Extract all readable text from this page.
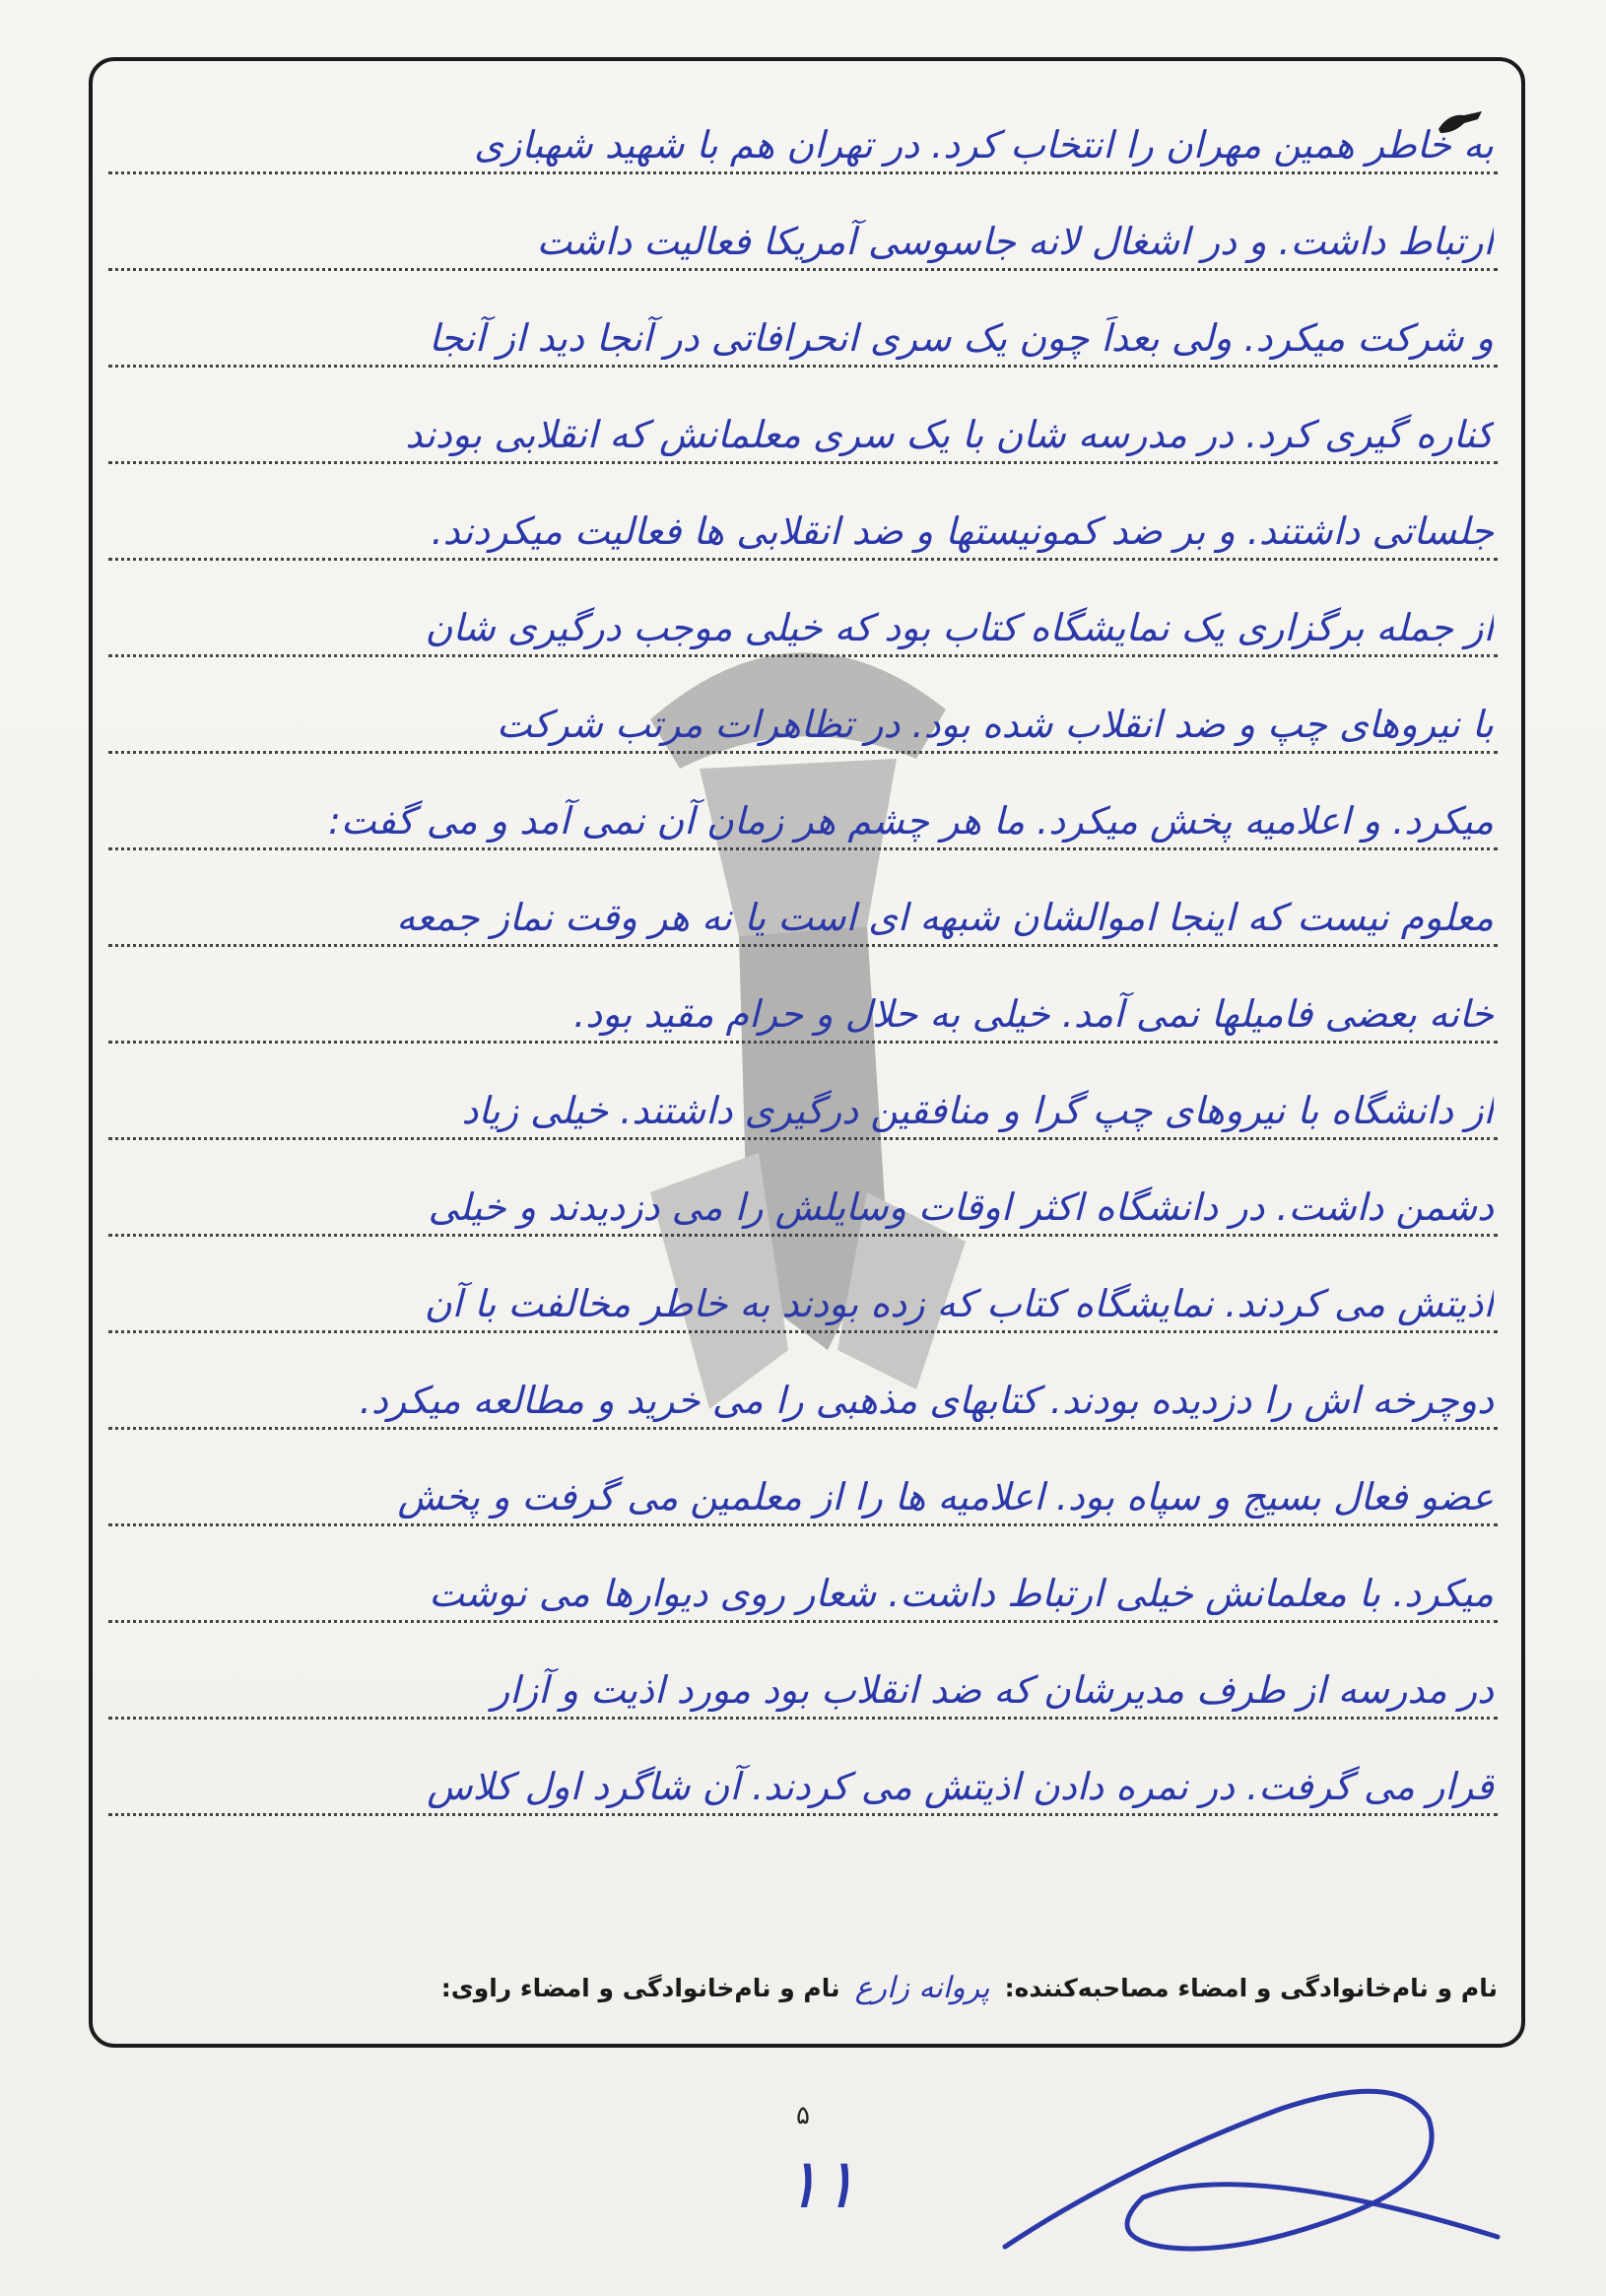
به خاطر همین مهران را انتخاب کرد. در تهران هم با شهید شهبازی
ارتباط داشت. و در اشغال لانه جاسوسی آمریکا فعالیت داشت
و شرکت میکرد. ولی بعداً چون یک سری انحرافاتی در آنجا دید از آنجا
کناره گیری کرد. در مدرسه شان با یک سری معلمانش که انقلابی بودند
جلساتی داشتند. و بر ضد کمونیستها و ضد انقلابی ها فعالیت میکردند.
از جمله برگزاری یک نمایشگاه کتاب بود که خیلی موجب درگیری شان
با نیروهای چپ و ضد انقلاب شده بود. در تظاهرات مرتب شرکت
میکرد. و اعلامیه پخش میکرد. ما هر چشم هر زمان آن نمی آمد و می گفت:
معلوم نیست که اینجا اموالشان شبهه ای است یا نه هر وقت نماز جمعه
خانه بعضی فامیلها نمی آمد. خیلی به حلال و حرام مقید بود.
از دانشگاه با نیروهای چپ گرا و منافقین درگیری داشتند. خیلی زیاد
دشمن داشت. در دانشگاه اکثر اوقات وسایلش را می دزدیدند و خیلی
اذیتش می کردند. نمایشگاه کتاب که زده بودند به خاطر مخالفت با آن
دوچرخه اش را دزدیده بودند. کتابهای مذهبی را می خرید و مطالعه میکرد.
عضو فعال بسیج و سپاه بود. اعلامیه ها را از معلمین می گرفت و پخش
میکرد. با معلمانش خیلی ارتباط داشت. شعار روی دیوارها می نوشت
در مدرسه از طرف مدیرشان که ضد انقلاب بود مورد اذیت و آزار
قرار می گرفت. در نمره دادن اذیتش می کردند. آن شاگرد اول کلاس
نام و نام‌خانوادگی و امضاء مصاحبه‌کننده: پروانه زارع نام و نام‌خانوادگی و امضاء راوی:
۵
۱۱
